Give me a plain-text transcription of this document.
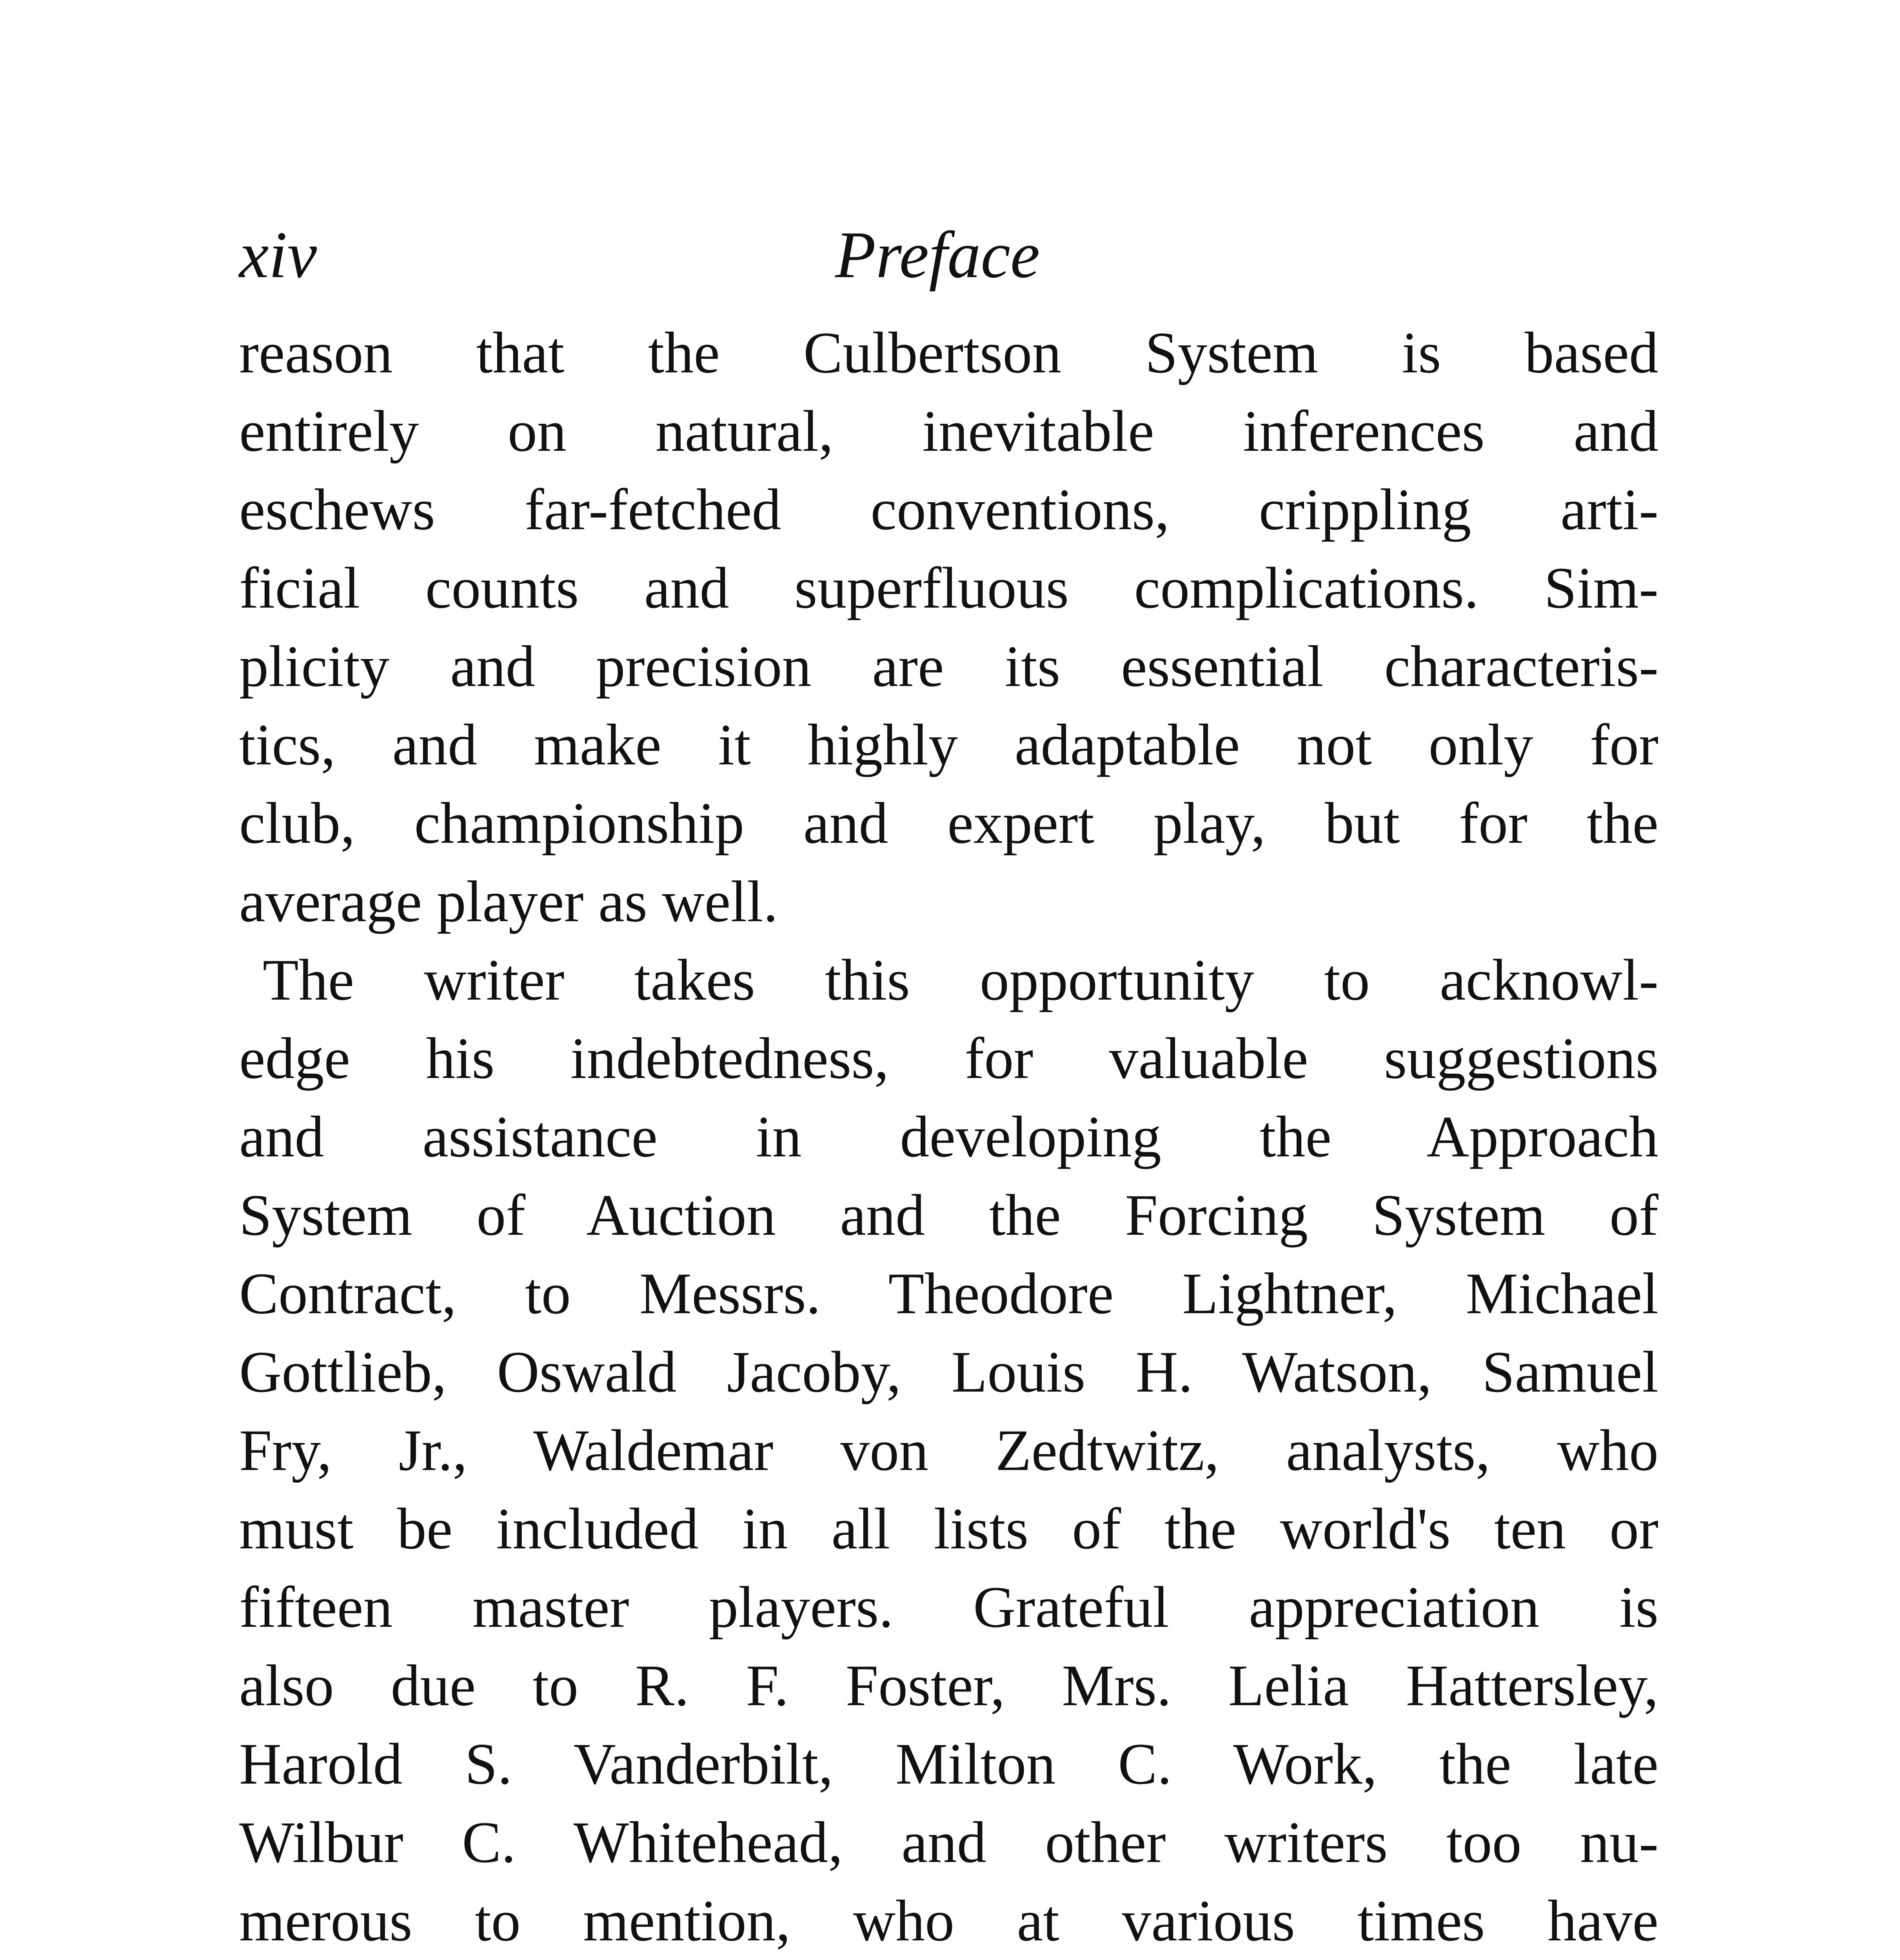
xiv	Preface
reason that the Culbertson System is based
entirely on natural, inevitable inferences and
eschews far-fetched conventions, crippling arti-
ficial counts and superfluous complications. Sim-
plicity and precision are its essential characteris-
tics, and make it highly adaptable not only for
club, championship and expert play, but for the
average player as well.
The writer takes this opportunity to acknowl-
edge his indebtedness, for valuable suggestions
and assistance in developing the Approach
System of Auction and the Forcing System of
Contract, to Messrs. Theodore Lightner, Michael
Gottlieb, Oswald Jacoby, Louis H. Watson, Samuel
Fry, Jr., Waldemar von Zedtwitz, analysts, who
must be included in all lists of the world's ten or
fifteen master players. Grateful appreciation is
also due to R. F. Foster, Mrs. Lelia Hattersley,
Harold S. Vanderbilt, Milton C. Work, the late
Wilbur C. Whitehead, and other writers too nu-
merous to mention, who at various times have
